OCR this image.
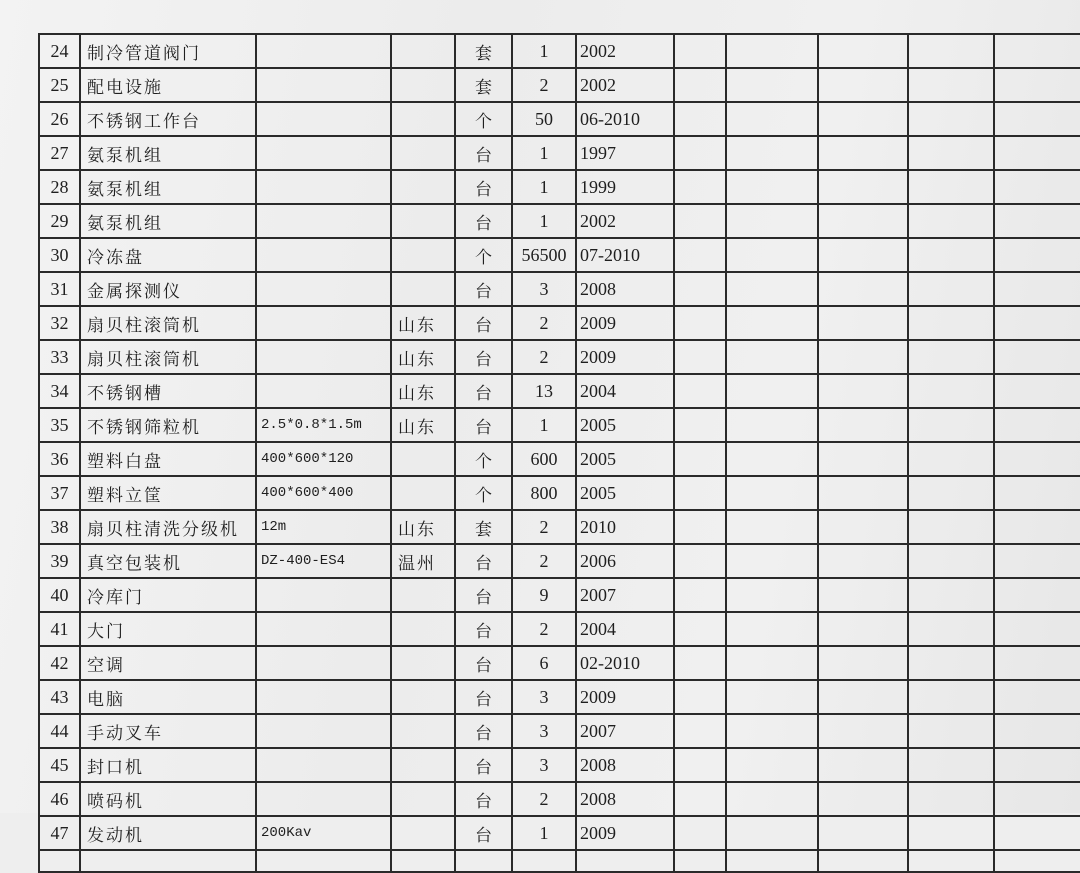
24	制冷管道阀门			套	1	2002					
25	配电设施			套	2	2002					
26	不锈钢工作台			个	50	06-2010					
27	氨泵机组			台	1	1997					
28	氨泵机组			台	1	1999					
29	氨泵机组			台	1	2002					
30	冷冻盘			个	56500	07-2010					
31	金属探测仪			台	3	2008					
32	扇贝柱滚筒机		山东	台	2	2009					
33	扇贝柱滚筒机		山东	台	2	2009					
34	不锈钢槽		山东	台	13	2004					
35	不锈钢筛粒机	2.5*0.8*1.5m	山东	台	1	2005					
36	塑料白盘	400*600*120		个	600	2005					
37	塑料立筐	400*600*400		个	800	2005					
38	扇贝柱清洗分级机	12m	山东	套	2	2010					
39	真空包装机	DZ-400-ES4	温州	台	2	2006					
40	冷库门			台	9	2007					
41	大门			台	2	2004					
42	空调			台	6	02-2010					
43	电脑			台	3	2009					
44	手动叉车			台	3	2007					
45	封口机			台	3	2008					
46	喷码机			台	2	2008					
47	发动机	200Kav		台	1	2009					
